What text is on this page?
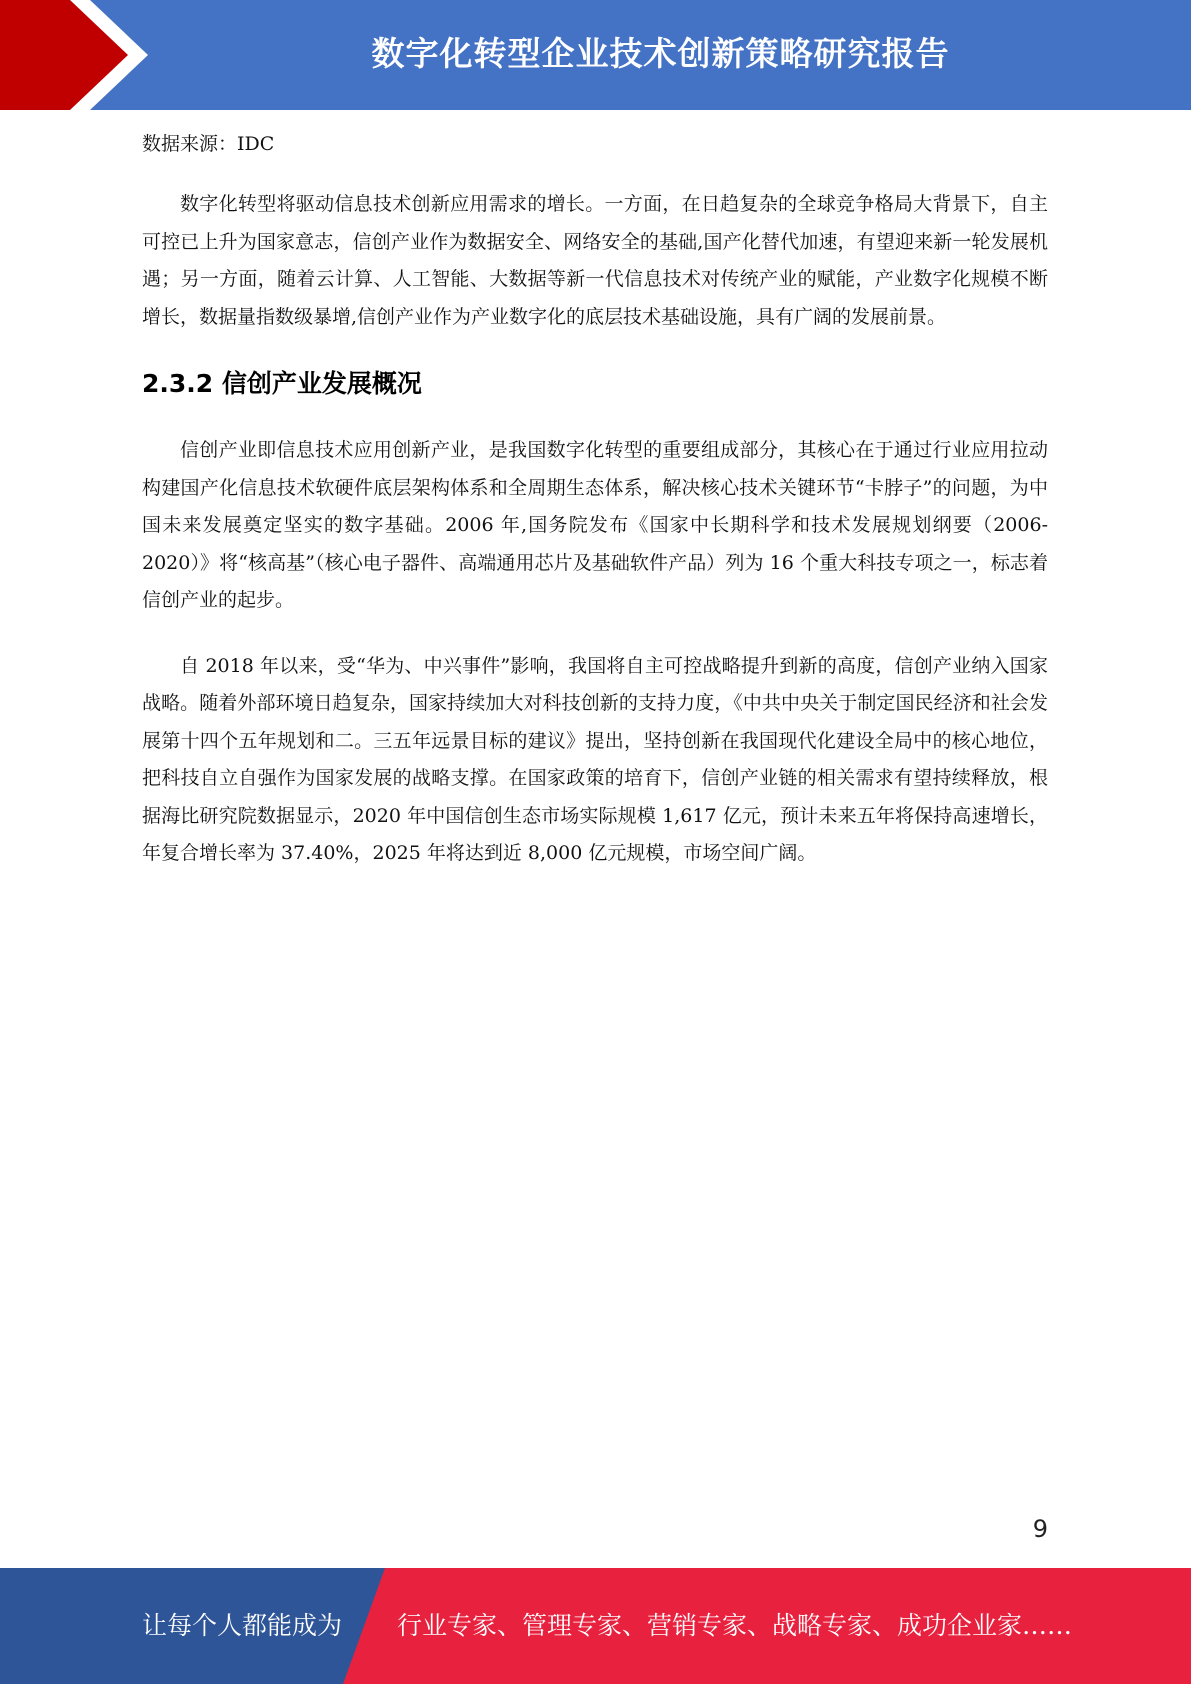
数字化转型企业技术创新策略研究报告

数据来源：IDC

数字化转型将驱动信息技术创新应用需求的增长。一方面，在日趋复杂的全球竞争格局大背景下，自主可控已上升为国家意志，信创产业作为数据安全、网络安全的基础,国产化替代加速，有望迎来新一轮发展机遇；另一方面，随着云计算、人工智能、大数据等新一代信息技术对传统产业的赋能，产业数字化规模不断增长，数据量指数级暴增,信创产业作为产业数字化的底层技术基础设施，具有广阔的发展前景。

2.3.2 信创产业发展概况

信创产业即信息技术应用创新产业，是我国数字化转型的重要组成部分，其核心在于通过行业应用拉动构建国产化信息技术软硬件底层架构体系和全周期生态体系，解决核心技术关键环节“卡脖子”的问题，为中国未来发展奠定坚实的数字基础。2006 年,国务院发布《国家中长期科学和技术发展规划纲要（2006-2020）》将“核高基”（核心电子器件、高端通用芯片及基础软件产品）列为 16 个重大科技专项之一，标志着信创产业的起步。

自 2018 年以来，受“华为、中兴事件”影响，我国将自主可控战略提升到新的高度，信创产业纳入国家战略。随着外部环境日趋复杂，国家持续加大对科技创新的支持力度，《中共中央关于制定国民经济和社会发展第十四个五年规划和二。三五年远景目标的建议》提出，坚持创新在我国现代化建设全局中的核心地位，把科技自立自强作为国家发展的战略支撑。在国家政策的培育下，信创产业链的相关需求有望持续释放，根据海比研究院数据显示，2020 年中国信创生态市场实际规模 1,617 亿元，预计未来五年将保持高速增长，年复合增长率为 37.40%，2025 年将达到近 8,000 亿元规模，市场空间广阔。

9
让每个人都能成为 行业专家、管理专家、营销专家、战略专家、成功企业家……
